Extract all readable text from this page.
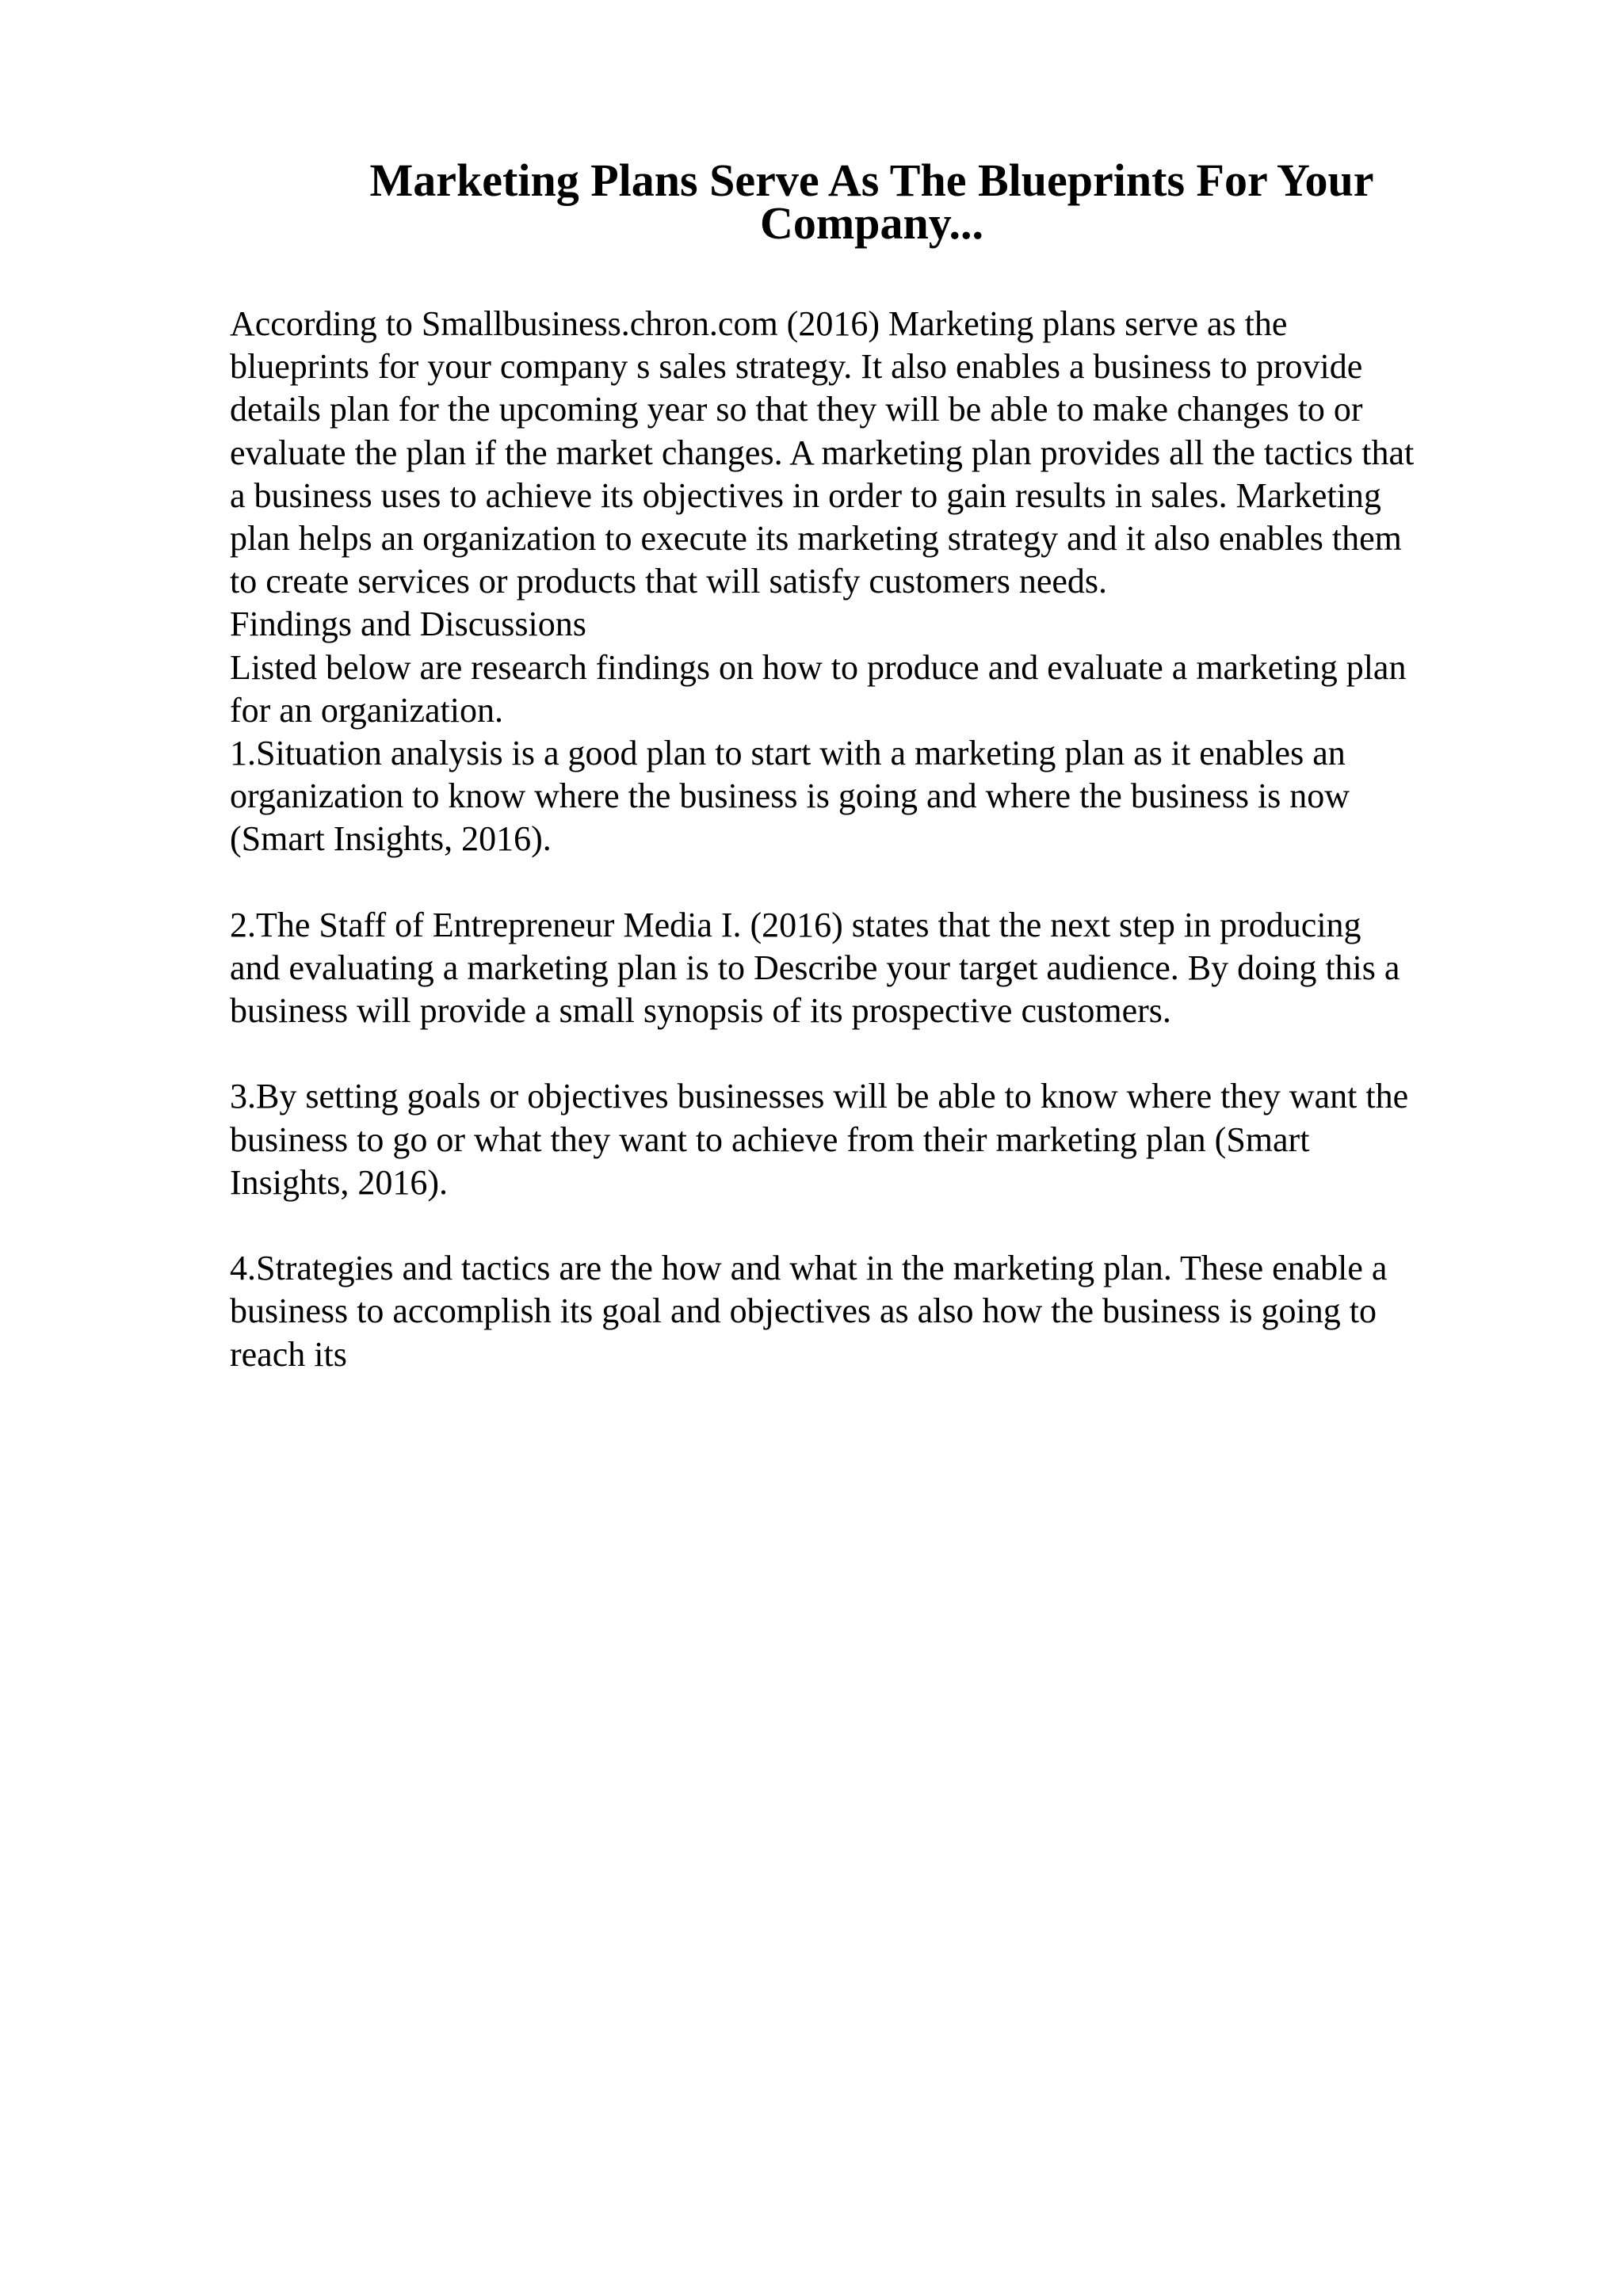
Marketing Plans Serve As The Blueprints For Your
Company...
According to Smallbusiness.chron.com (2016) Marketing plans serve as the
blueprints for your company s sales strategy. It also enables a business to provide
details plan for the upcoming year so that they will be able to make changes to or
evaluate the plan if the market changes. A marketing plan provides all the tactics that
a business uses to achieve its objectives in order to gain results in sales. Marketing
plan helps an organization to execute its marketing strategy and it also enables them
to create services or products that will satisfy customers needs.
Findings and Discussions
Listed below are research findings on how to produce and evaluate a marketing plan
for an organization.
1.Situation analysis is a good plan to start with a marketing plan as it enables an
organization to know where the business is going and where the business is now
(Smart Insights, 2016).
2.The Staff of Entrepreneur Media I. (2016) states that the next step in producing
and evaluating a marketing plan is to Describe your target audience. By doing this a
business will provide a small synopsis of its prospective customers.
3.By setting goals or objectives businesses will be able to know where they want the
business to go or what they want to achieve from their marketing plan (Smart
Insights, 2016).
4.Strategies and tactics are the how and what in the marketing plan. These enable a
business to accomplish its goal and objectives as also how the business is going to
reach its
